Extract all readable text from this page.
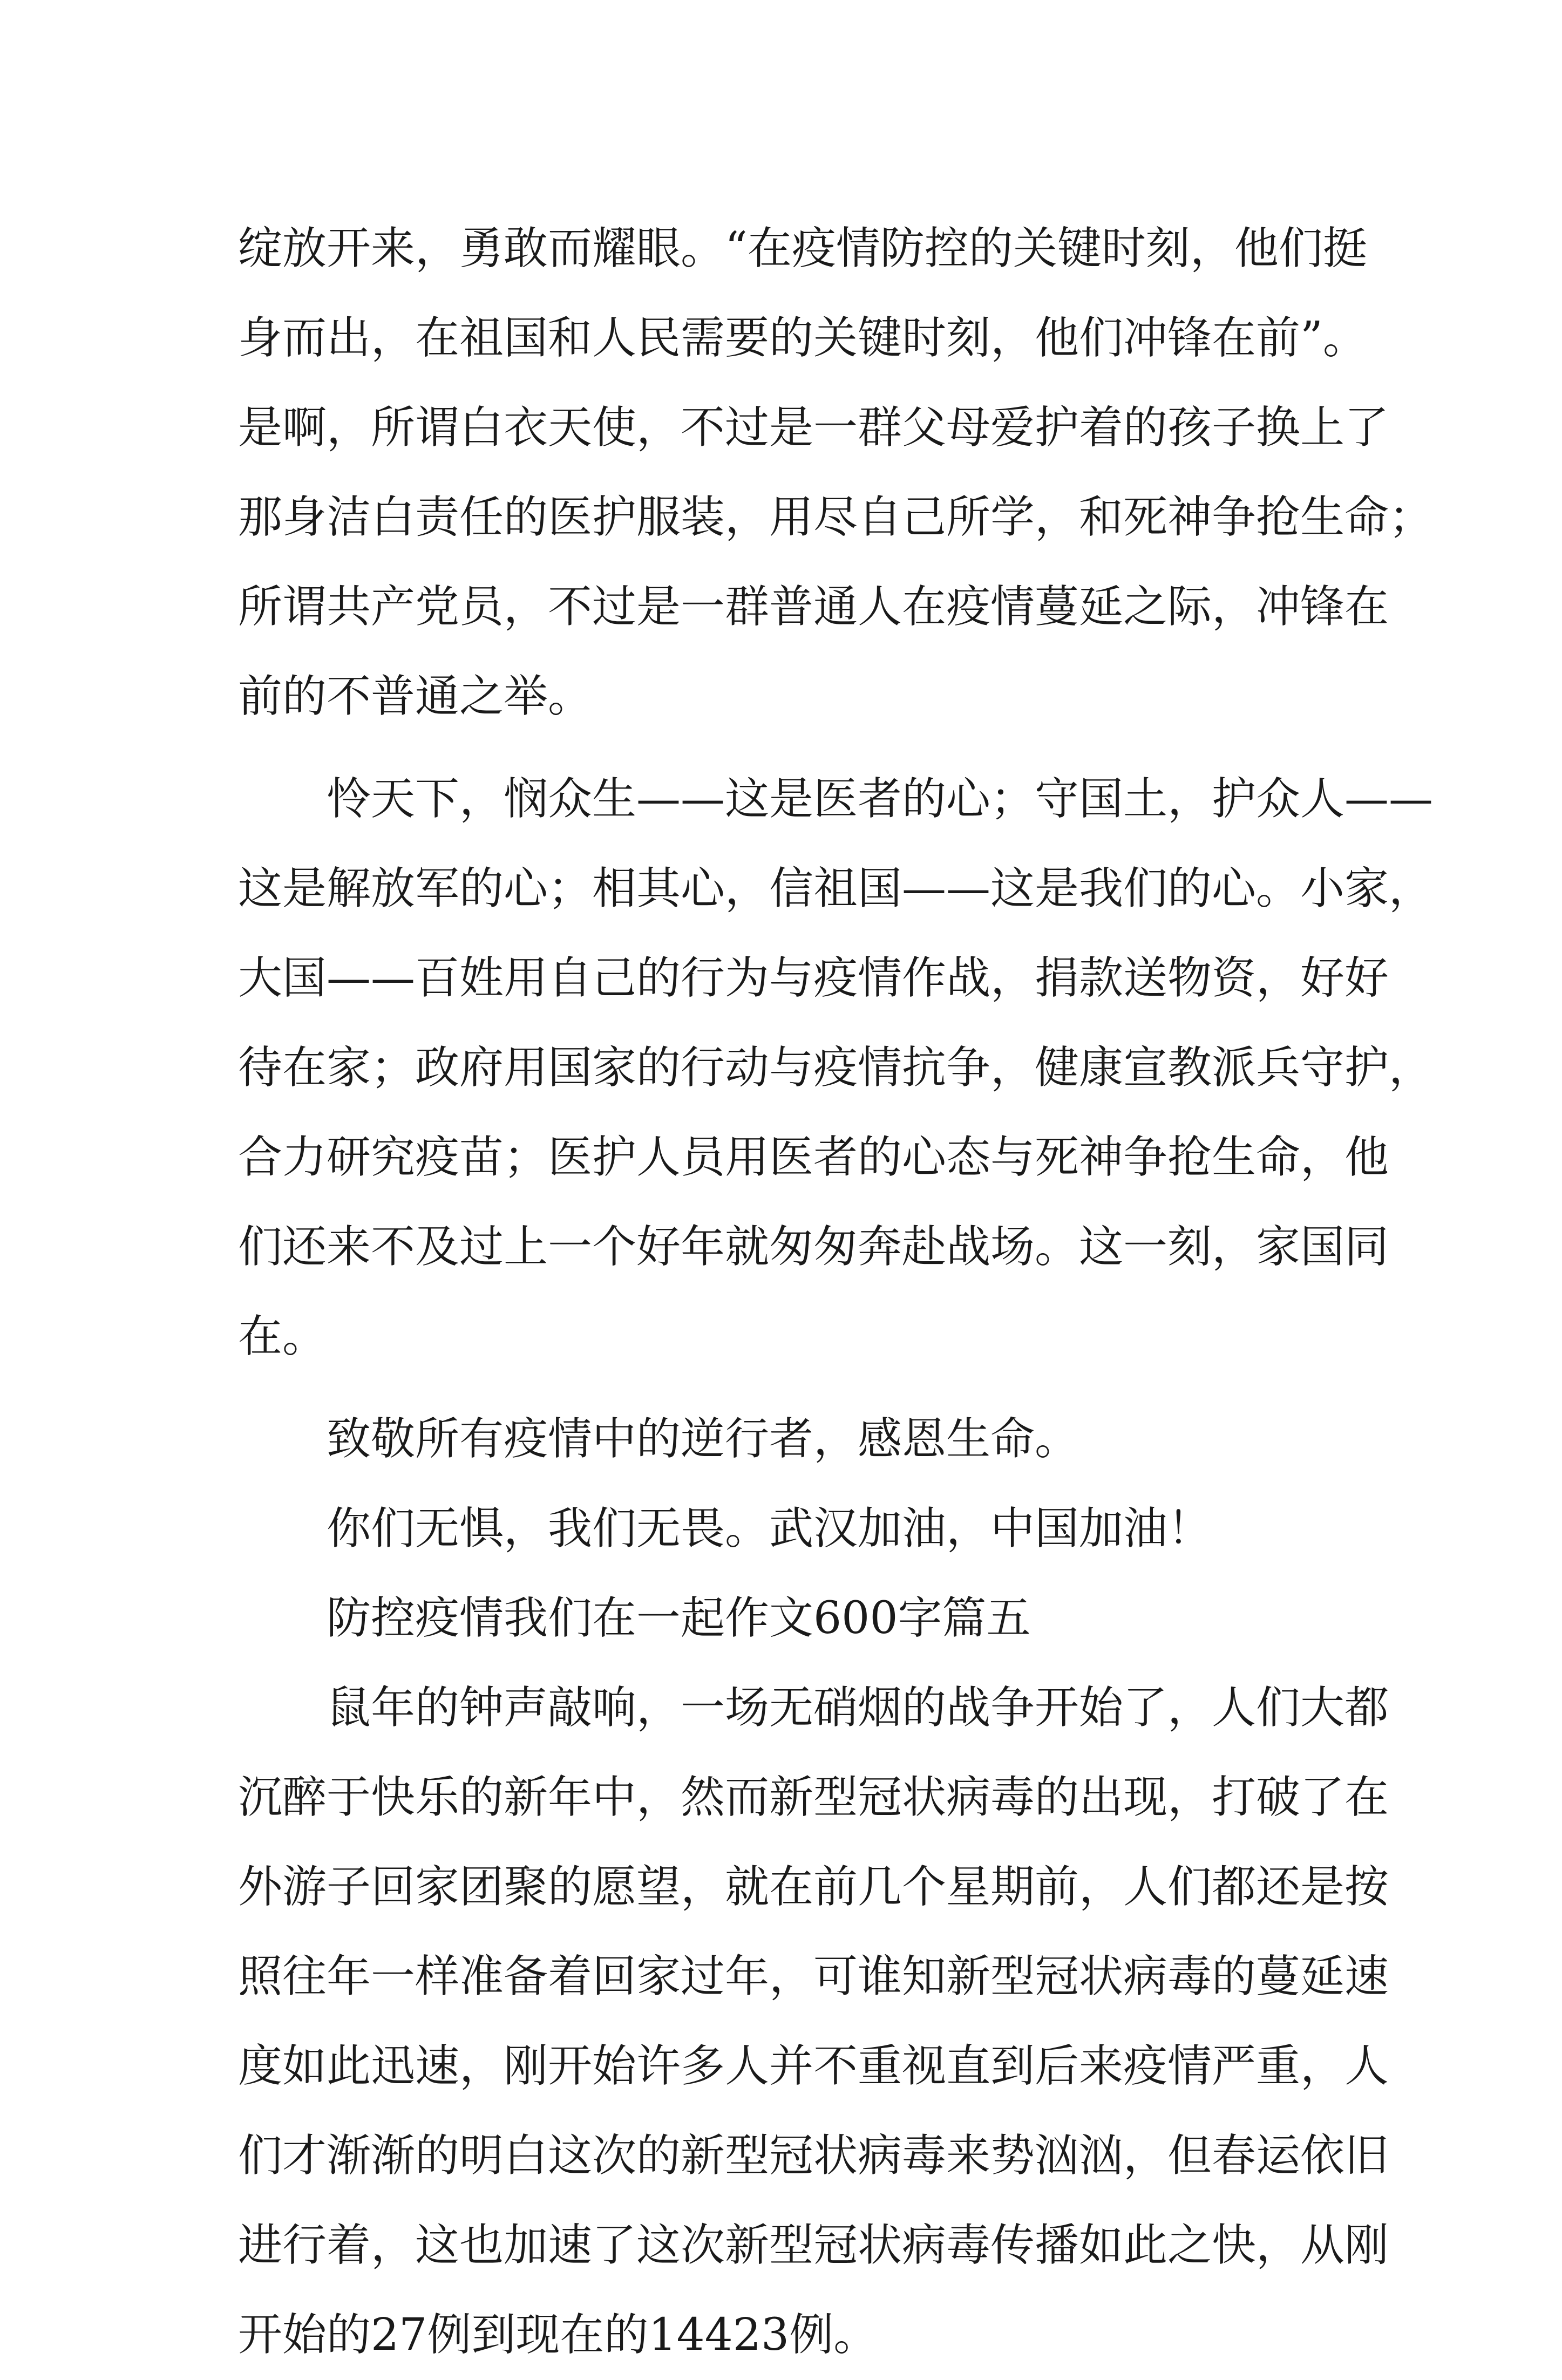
绽放开来，勇敢而耀眼。“在疫情防控的关键时刻，他们挺
身而出，在祖国和人民需要的关键时刻，他们冲锋在前”。
是啊，所谓白衣天使，不过是一群父母爱护着的孩子换上了
那身洁白责任的医护服装，用尽自己所学，和死神争抢生命；
所谓共产党员，不过是一群普通人在疫情蔓延之际，冲锋在
前的不普通之举。
怜天下，悯众生——这是医者的心；守国土，护众人——
这是解放军的心；相其心，信祖国——这是我们的心。小家，
大国——百姓用自己的行为与疫情作战，捐款送物资，好好
待在家；政府用国家的行动与疫情抗争，健康宣教派兵守护，
合力研究疫苗；医护人员用医者的心态与死神争抢生命，他
们还来不及过上一个好年就匆匆奔赴战场。这一刻，家国同
在。
致敬所有疫情中的逆行者，感恩生命。
你们无惧，我们无畏。武汉加油，中国加油！
防控疫情我们在一起作文600字篇五
鼠年的钟声敲响，一场无硝烟的战争开始了，人们大都
沉醉于快乐的新年中，然而新型冠状病毒的出现，打破了在
外游子回家团聚的愿望，就在前几个星期前，人们都还是按
照往年一样准备着回家过年，可谁知新型冠状病毒的蔓延速
度如此迅速，刚开始许多人并不重视直到后来疫情严重，人
们才渐渐的明白这次的新型冠状病毒来势汹汹，但春运依旧
进行着，这也加速了这次新型冠状病毒传播如此之快，从刚
开始的27例到现在的14423例。
